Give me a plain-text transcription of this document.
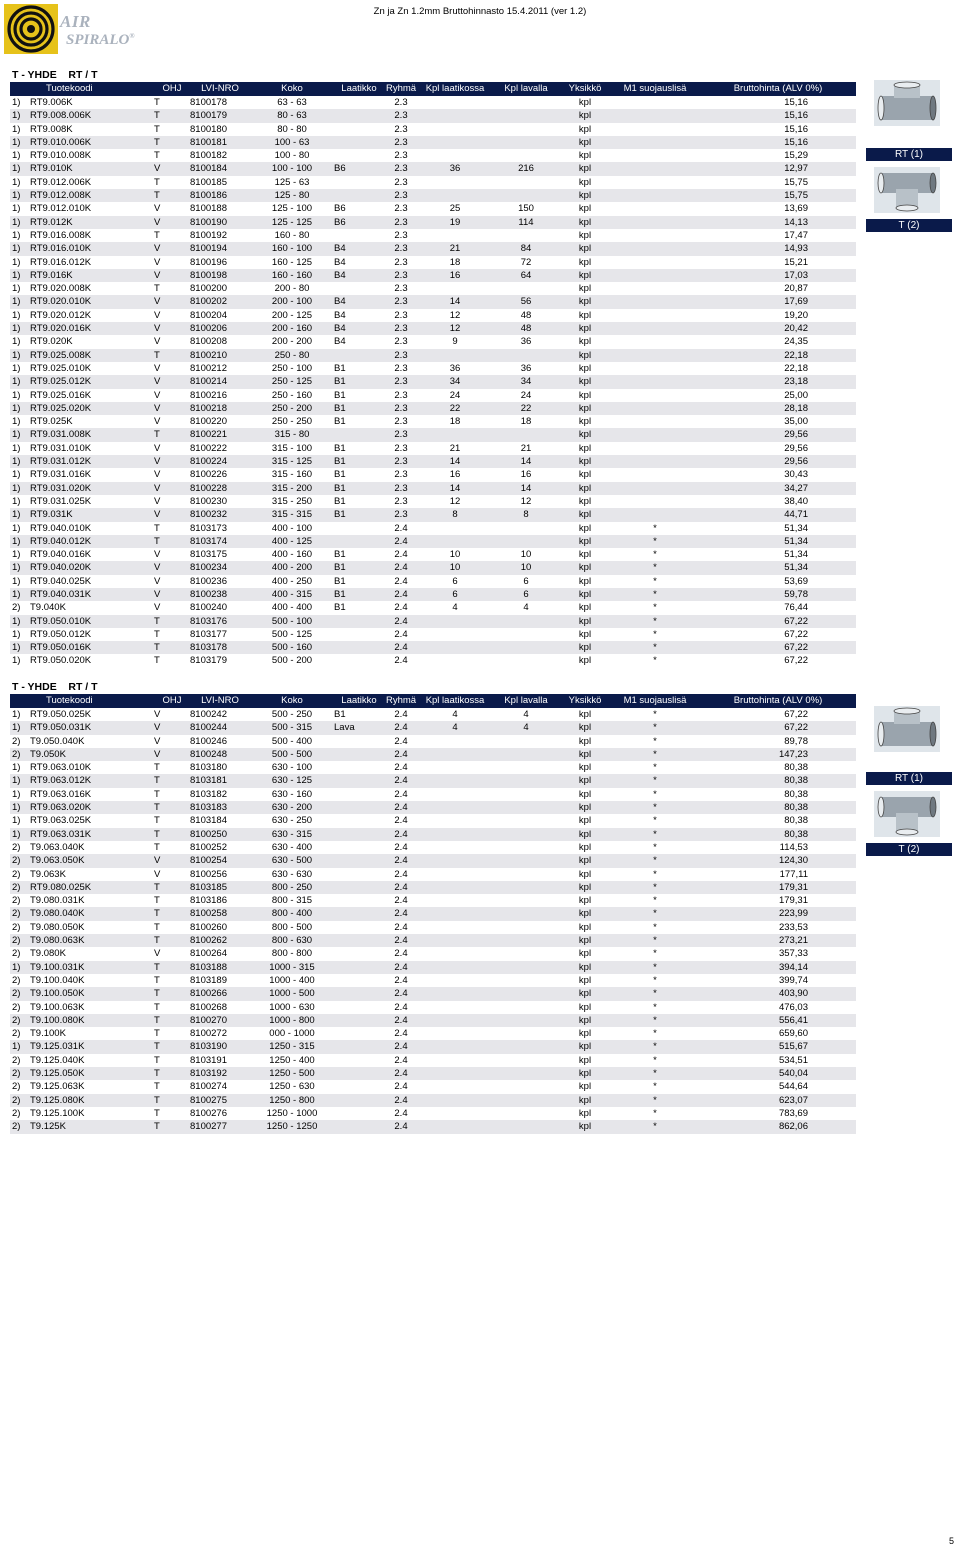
Zn ja Zn 1.2mm Bruttohinnasto 15.4.2011 (ver 1.2)
AIR
SPIRALO®
T - YHDE    RT / T
Tuotekoodi		OHJ	LVI-NRO	Koko	Laatikko	Ryhmä	Kpl laatikossa	Kpl lavalla	Yksikkö	M1 suojauslisä	Bruttohinta (ALV 0%)
1)	RT9.006K	T	8100178	63 - 63		2.3			kpl		15,16
1)	RT9.008.006K	T	8100179	80 - 63		2.3			kpl		15,16
1)	RT9.008K	T	8100180	80 - 80		2.3			kpl		15,16
1)	RT9.010.006K	T	8100181	100 - 63		2.3			kpl		15,16
1)	RT9.010.008K	T	8100182	100 - 80		2.3			kpl		15,29
1)	RT9.010K	V	8100184	100 - 100	B6	2.3	36	216	kpl		12,97
1)	RT9.012.006K	T	8100185	125 - 63		2.3			kpl		15,75
1)	RT9.012.008K	T	8100186	125 - 80		2.3			kpl		15,75
1)	RT9.012.010K	V	8100188	125 - 100	B6	2.3	25	150	kpl		13,69
1)	RT9.012K	V	8100190	125 - 125	B6	2.3	19	114	kpl		14,13
1)	RT9.016.008K	T	8100192	160 - 80		2.3			kpl		17,47
1)	RT9.016.010K	V	8100194	160 - 100	B4	2.3	21	84	kpl		14,93
1)	RT9.016.012K	V	8100196	160 - 125	B4	2.3	18	72	kpl		15,21
1)	RT9.016K	V	8100198	160 - 160	B4	2.3	16	64	kpl		17,03
1)	RT9.020.008K	T	8100200	200 - 80		2.3			kpl		20,87
1)	RT9.020.010K	V	8100202	200 - 100	B4	2.3	14	56	kpl		17,69
1)	RT9.020.012K	V	8100204	200 - 125	B4	2.3	12	48	kpl		19,20
1)	RT9.020.016K	V	8100206	200 - 160	B4	2.3	12	48	kpl		20,42
1)	RT9.020K	V	8100208	200 - 200	B4	2.3	9	36	kpl		24,35
1)	RT9.025.008K	T	8100210	250 - 80		2.3			kpl		22,18
1)	RT9.025.010K	V	8100212	250 - 100	B1	2.3	36	36	kpl		22,18
1)	RT9.025.012K	V	8100214	250 - 125	B1	2.3	34	34	kpl		23,18
1)	RT9.025.016K	V	8100216	250 - 160	B1	2.3	24	24	kpl		25,00
1)	RT9.025.020K	V	8100218	250 - 200	B1	2.3	22	22	kpl		28,18
1)	RT9.025K	V	8100220	250 - 250	B1	2.3	18	18	kpl		35,00
1)	RT9.031.008K	T	8100221	315 - 80		2.3			kpl		29,56
1)	RT9.031.010K	V	8100222	315 - 100	B1	2.3	21	21	kpl		29,56
1)	RT9.031.012K	V	8100224	315 - 125	B1	2.3	14	14	kpl		29,56
1)	RT9.031.016K	V	8100226	315 - 160	B1	2.3	16	16	kpl		30,43
1)	RT9.031.020K	V	8100228	315 - 200	B1	2.3	14	14	kpl		34,27
1)	RT9.031.025K	V	8100230	315 - 250	B1	2.3	12	12	kpl		38,40
1)	RT9.031K	V	8100232	315 - 315	B1	2.3	8	8	kpl		44,71
1)	RT9.040.010K	T	8103173	400 - 100		2.4			kpl	*	51,34
1)	RT9.040.012K	T	8103174	400 - 125		2.4			kpl	*	51,34
1)	RT9.040.016K	V	8103175	400 - 160	B1	2.4	10	10	kpl	*	51,34
1)	RT9.040.020K	V	8100234	400 - 200	B1	2.4	10	10	kpl	*	51,34
1)	RT9.040.025K	V	8100236	400 - 250	B1	2.4	6	6	kpl	*	53,69
1)	RT9.040.031K	V	8100238	400 - 315	B1	2.4	6	6	kpl	*	59,78
2)	T9.040K	V	8100240	400 - 400	B1	2.4	4	4	kpl	*	76,44
1)	RT9.050.010K	T	8103176	500 - 100		2.4			kpl	*	67,22
1)	RT9.050.012K	T	8103177	500 - 125		2.4			kpl	*	67,22
1)	RT9.050.016K	T	8103178	500 - 160		2.4			kpl	*	67,22
1)	RT9.050.020K	T	8103179	500 - 200		2.4			kpl	*	67,22
T - YHDE    RT / T
Tuotekoodi		OHJ	LVI-NRO	Koko	Laatikko	Ryhmä	Kpl laatikossa	Kpl lavalla	Yksikkö	M1 suojauslisä	Bruttohinta (ALV 0%)
1)	RT9.050.025K	V	8100242	500 - 250	B1	2.4	4	4	kpl	*	67,22
1)	RT9.050.031K	V	8100244	500 - 315	Lava	2.4	4	4	kpl	*	67,22
2)	T9.050.040K	V	8100246	500 - 400		2.4			kpl	*	89,78
2)	T9.050K	V	8100248	500 - 500		2.4			kpl	*	147,23
1)	RT9.063.010K	T	8103180	630 - 100		2.4			kpl	*	80,38
1)	RT9.063.012K	T	8103181	630 - 125		2.4			kpl	*	80,38
1)	RT9.063.016K	T	8103182	630 - 160		2.4			kpl	*	80,38
1)	RT9.063.020K	T	8103183	630 - 200		2.4			kpl	*	80,38
1)	RT9.063.025K	T	8103184	630 - 250		2.4			kpl	*	80,38
1)	RT9.063.031K	T	8100250	630 - 315		2.4			kpl	*	80,38
2)	T9.063.040K	T	8100252	630 - 400		2.4			kpl	*	114,53
2)	T9.063.050K	V	8100254	630 - 500		2.4			kpl	*	124,30
2)	T9.063K	V	8100256	630 - 630		2.4			kpl	*	177,11
2)	RT9.080.025K	T	8103185	800 - 250		2.4			kpl	*	179,31
2)	T9.080.031K	T	8103186	800 - 315		2.4			kpl	*	179,31
2)	T9.080.040K	T	8100258	800 - 400		2.4			kpl	*	223,99
2)	T9.080.050K	T	8100260	800 - 500		2.4			kpl	*	233,53
2)	T9.080.063K	T	8100262	800 - 630		2.4			kpl	*	273,21
2)	T9.080K	V	8100264	800 - 800		2.4			kpl	*	357,33
1)	T9.100.031K	T	8103188	1000 - 315		2.4			kpl	*	394,14
2)	T9.100.040K	T	8103189	1000 - 400		2.4			kpl	*	399,74
2)	T9.100.050K	T	8100266	1000 - 500		2.4			kpl	*	403,90
2)	T9.100.063K	T	8100268	1000 - 630		2.4			kpl	*	476,03
2)	T9.100.080K	T	8100270	1000 - 800		2.4			kpl	*	556,41
2)	T9.100K	T	8100272	000 - 1000		2.4			kpl	*	659,60
1)	T9.125.031K	T	8103190	1250 - 315		2.4			kpl	*	515,67
2)	T9.125.040K	T	8103191	1250 - 400		2.4			kpl	*	534,51
2)	T9.125.050K	T	8103192	1250 - 500		2.4			kpl	*	540,04
2)	T9.125.063K	T	8100274	1250 - 630		2.4			kpl	*	544,64
2)	T9.125.080K	T	8100275	1250 - 800		2.4			kpl	*	623,07
2)	T9.125.100K	T	8100276	1250 - 1000		2.4			kpl	*	783,69
2)	T9.125K	T	8100277	1250 - 1250		2.4			kpl	*	862,06
RT (1)
T (2)
RT (1)
T (2)
5
